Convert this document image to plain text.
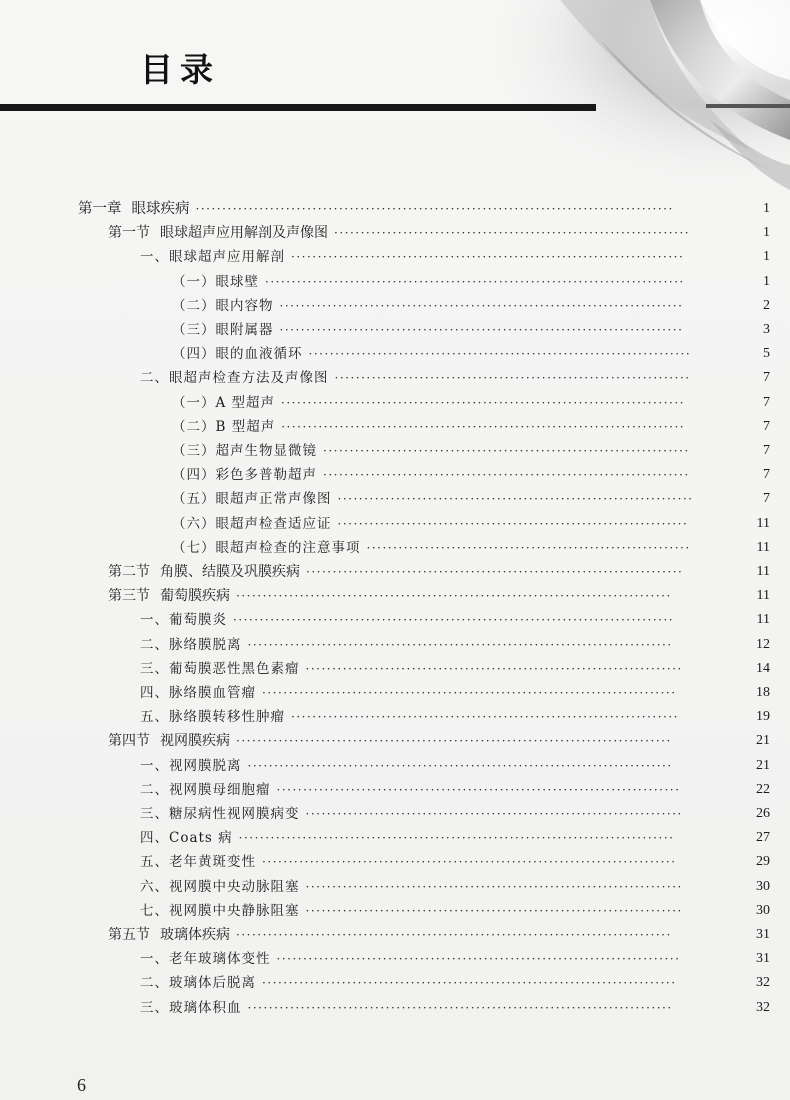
目录
第一章 眼球疾病 ··························································································	1
第一节 眼球超声应用解剖及声像图 ···································································	1
一、眼球超声应用解剖 ··········································································	1
（一）眼球壁 ···············································································	1
（二）眼内容物 ············································································	2
（三）眼附属器 ············································································	3
（四）眼的血液循环 ········································································	5
二、眼超声检查方法及声像图 ···································································	7
（一）A 型超声 ············································································	7
（二）B 型超声 ············································································	7
（三）超声生物显微镜 ·····································································	7
（四）彩色多普勒超声 ·····································································	7
（五）眼超声正常声像图 ···································································	7
（六）眼超声检查适应证 ··································································	11
（七）眼超声检查的注意事项 ·····························································	11
第二节 角膜、结膜及巩膜疾病 ·······································································	11
第三节 葡萄膜疾病 ··················································································	11
一、葡萄膜炎 ···················································································	11
二、脉络膜脱离 ················································································	12
三、葡萄膜恶性黑色素瘤 ·······································································	14
四、脉络膜血管瘤 ··············································································	18
五、脉络膜转移性肿瘤 ·········································································	19
第四节 视网膜疾病 ··················································································	21
一、视网膜脱离 ················································································	21
二、视网膜母细胞瘤 ············································································	22
三、糖尿病性视网膜病变 ·······································································	26
四、Coats 病 ··················································································	27
五、老年黄斑变性 ··············································································	29
六、视网膜中央动脉阻塞 ·······································································	30
七、视网膜中央静脉阻塞 ·······································································	30
第五节 玻璃体疾病 ··················································································	31
一、老年玻璃体变性 ············································································	31
二、玻璃体后脱离 ··············································································	32
三、玻璃体积血 ················································································	32
6
